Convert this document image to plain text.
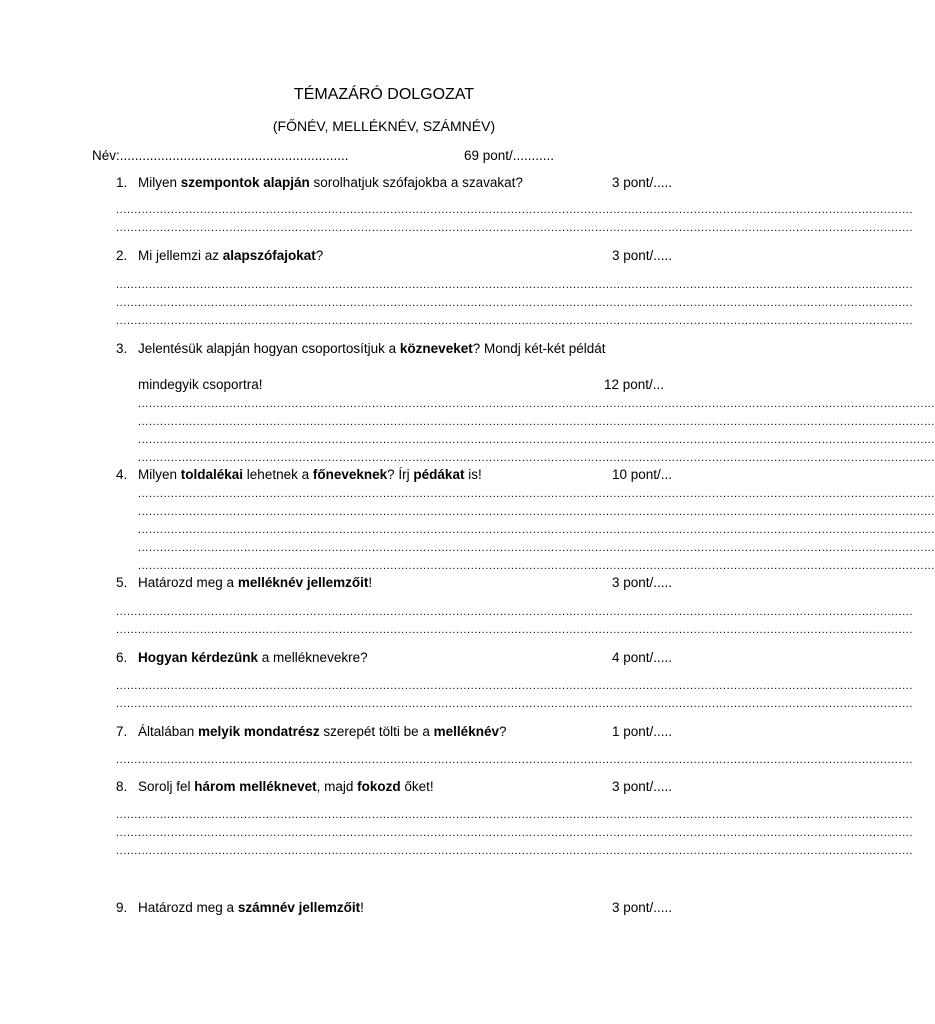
TÉMAZÁRÓ DOLGOZAT
(FŐNÉV, MELLÉKNÉV, SZÁMNÉV)
Név:.............................................................	69 pont/...........
1. Milyen szempontok alapján sorolhatjuk szófajokba a szavakat?	3 pont/.....
..........................................................................................................................................................................................................................
..........................................................................................................................................................................................................................
2. Mi jellemzi az alapszófajokat?	3 pont/.....
..........................................................................................................................................................................................................................
..........................................................................................................................................................................................................................
..........................................................................................................................................................................................................................
3. Jelentésük alapján hogyan csoportosítjuk a közneveket? Mondj két-két példát
mindegyik csoportra!	12 pont/...
..........................................................................................................................................................................................................................
..........................................................................................................................................................................................................................
..........................................................................................................................................................................................................................
..........................................................................................................................................................................................................................
4. Milyen toldalékai lehetnek a főneveknek? Írj pédákat is!	10 pont/...
..........................................................................................................................................................................................................................
..........................................................................................................................................................................................................................
..........................................................................................................................................................................................................................
..........................................................................................................................................................................................................................
..........................................................................................................................................................................................................................
5. Határozd meg a melléknév jellemzőit!	3 pont/.....
..........................................................................................................................................................................................................................
..........................................................................................................................................................................................................................
6. Hogyan kérdezünk a melléknevekre?	4 pont/.....
..........................................................................................................................................................................................................................
..........................................................................................................................................................................................................................
7. Általában melyik mondatrész szerepét tölti be a melléknév?	1 pont/.....
..........................................................................................................................................................................................................................
8. Sorolj fel három melléknevet, majd fokozd őket!	3 pont/.....
..........................................................................................................................................................................................................................
..........................................................................................................................................................................................................................
..........................................................................................................................................................................................................................
9. Határozd meg a számnév jellemzőit!	3 pont/.....
